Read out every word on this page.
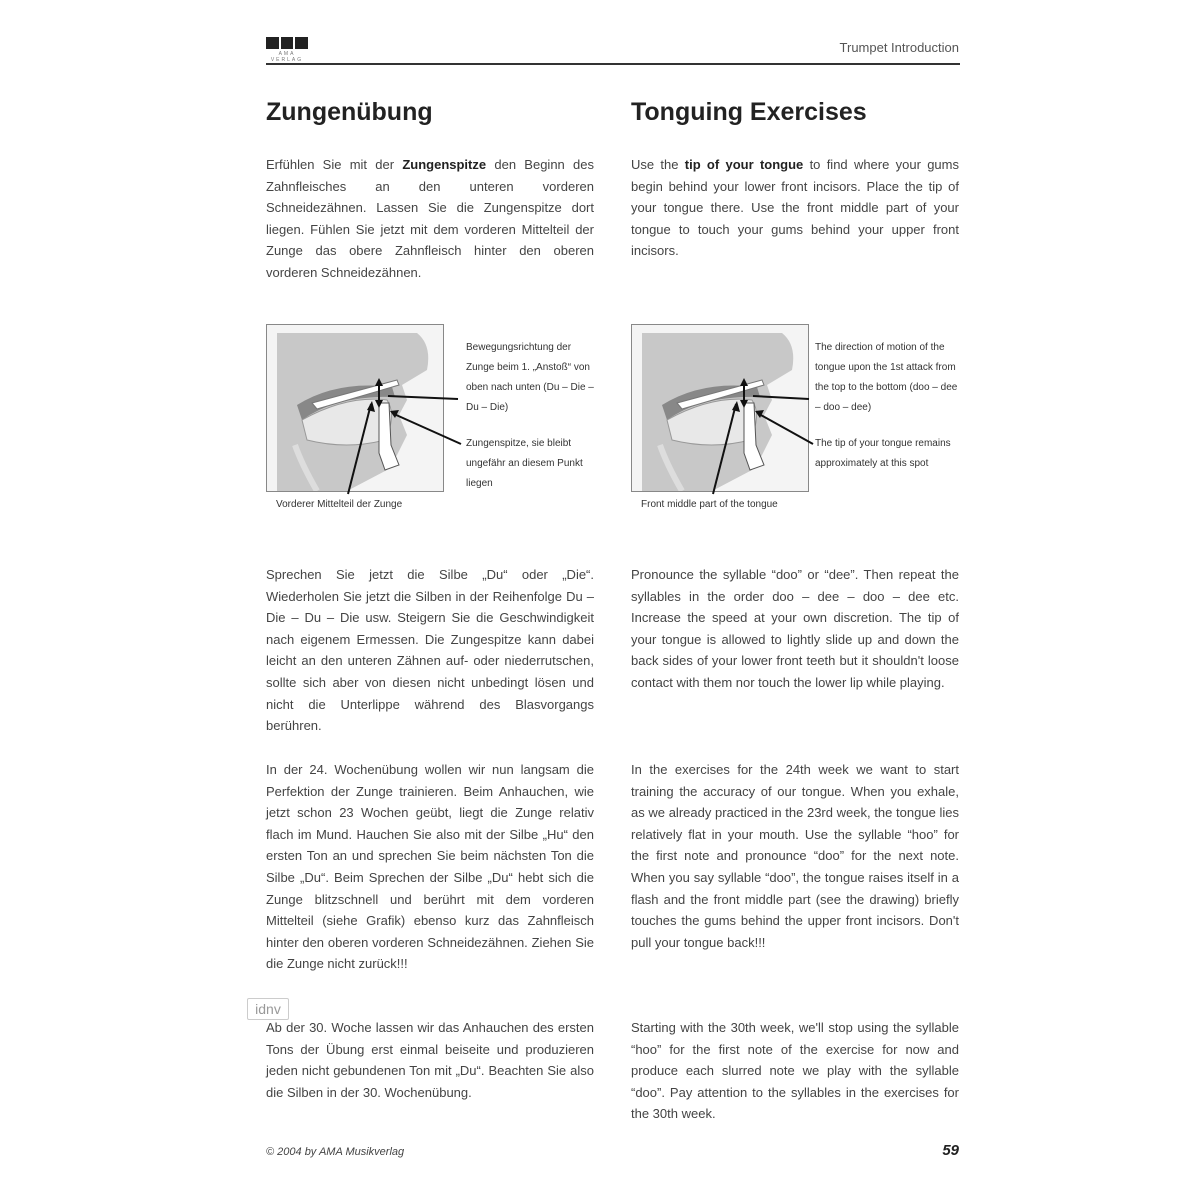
AMA VERLAG
Trumpet Introduction
Zungenübung

Erfühlen Sie mit der Zungenspitze den Beginn des Zahnfleisches an den unteren vorderen Schneidezähnen. Lassen Sie die Zungenspitze dort liegen. Fühlen Sie jetzt mit dem vorderen Mittelteil der Zunge das obere Zahnfleisch hinter den oberen vorderen Schneidezähnen.

Bewegungsrichtung der Zunge beim 1. „Anstoß“ von oben nach unten (Du – Die – Du – Die)
Zungenspitze, sie bleibt ungefähr an diesem Punkt liegen
Vorderer Mittelteil der Zunge

Sprechen Sie jetzt die Silbe „Du“ oder „Die“. Wiederholen Sie jetzt die Silben in der Reihenfolge Du – Die – Du – Die usw. Steigern Sie die Geschwindigkeit nach eigenem Ermessen. Die Zungespitze kann dabei leicht an den unteren Zähnen auf- oder niederrutschen, sollte sich aber von diesen nicht unbedingt lösen und nicht die Unterlippe während des Blasvorgangs berühren.

In der 24. Wochenübung wollen wir nun langsam die Perfektion der Zunge trainieren. Beim Anhauchen, wie jetzt schon 23 Wochen geübt, liegt die Zunge relativ flach im Mund. Hauchen Sie also mit der Silbe „Hu“ den ersten Ton an und sprechen Sie beim nächsten Ton die Silbe „Du“. Beim Sprechen der Silbe „Du“ hebt sich die Zunge blitzschnell und berührt mit dem vorderen Mittelteil (siehe Grafik) ebenso kurz das Zahnfleisch hinter den oberen vorderen Schneidezähnen. Ziehen Sie die Zunge nicht zurück!!!

Ab der 30. Woche lassen wir das Anhauchen des ersten Tons der Übung erst einmal beiseite und produzieren jeden nicht gebundenen Ton mit „Du“. Beachten Sie also die Silben in der 30. Wochenübung.

Tonguing Exercises

Use the tip of your tongue to find where your gums begin behind your lower front incisors. Place the tip of your tongue there. Use the front middle part of your tongue to touch your gums behind your upper front incisors.

The direction of motion of the tongue upon the 1st attack from the top to the bottom (doo – dee – doo – dee)
The tip of your tongue remains approximately at this spot
Front middle part of the tongue

Pronounce the syllable “doo” or “dee”. Then repeat the syllables in the order doo – dee – doo – dee etc. Increase the speed at your own discretion. The tip of your tongue is allowed to lightly slide up and down the back sides of your lower front teeth but it shouldn't loose contact with them nor touch the lower lip while playing.

In the exercises for the 24th week we want to start training the accuracy of our tongue. When you exhale, as we already practiced in the 23rd week, the tongue lies relatively flat in your mouth. Use the syllable “hoo” for the first note and pronounce “doo” for the next note. When you say syllable “doo”, the tongue raises itself in a flash and the front middle part (see the drawing) briefly touches the gums behind the upper front incisors. Don't pull your tongue back!!!

Starting with the 30th week, we'll stop using the syllable “hoo” for the first note of the exercise for now and produce each slurred note we play with the syllable “doo”. Pay attention to the syllables in the exercises for the 30th week.

idnv
© 2004 by AMA Musikverlag	59
